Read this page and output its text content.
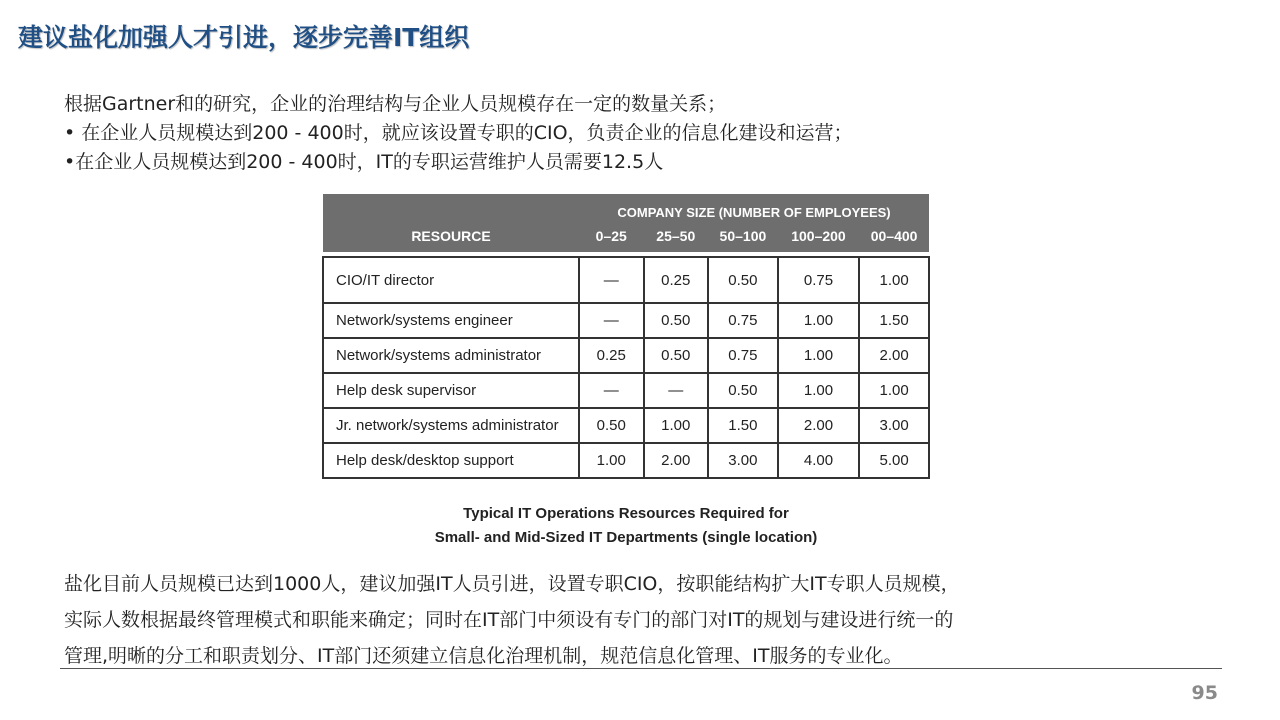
建议盐化加强人才引进，逐步完善IT组织
根据Gartner和的研究，企业的治理结构与企业人员规模存在一定的数量关系；
• 在企业人员规模达到200 - 400时，就应该设置专职的CIO，负责企业的信息化建设和运营；
•在企业人员规模达到200 - 400时，IT的专职运营维护人员需要12.5人
	COMPANY SIZE (NUMBER OF EMPLOYEES)				
RESOURCE	0–25	25–50	50–100	100–200	00–400

CIO/IT director	—	0.25	0.50	0.75	1.00
Network/systems engineer	—	0.50	0.75	1.00	1.50
Network/systems administrator	0.25	0.50	0.75	1.00	2.00
Help desk supervisor	—	—	0.50	1.00	1.00
Jr. network/systems administrator	0.50	1.00	1.50	2.00	3.00
Help desk/desktop support	1.00	2.00	3.00	4.00	5.00
Typical IT Operations Resources Required for
Small- and Mid-Sized IT Departments (single location)
盐化目前人员规模已达到1000人，建议加强IT人员引进，设置专职CIO，按职能结构扩大IT专职人员规模，
实际人数根据最终管理模式和职能来确定；同时在IT部门中须设有专门的部门对IT的规划与建设进行统一的
管理,明晰的分工和职责划分、IT部门还须建立信息化治理机制，规范信息化管理、IT服务的专业化。
95
